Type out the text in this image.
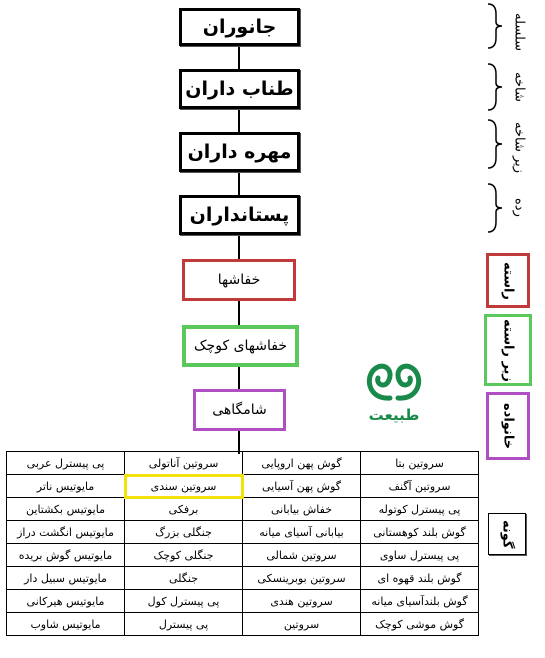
جانوران
طناب داران
مهره داران
پستانداران
خفاشها
خفاشهای کوچک
شامگاهی	طبیعت
سلسله
شاخه
زیر شاخه
رده
راسته
زیر راسته
خانواده
گونه
سروتین بتا	گوش پهن اروپایی	سروتین آناتولی	پی پیسترل عربی
سروتین آگنف	گوش پهن آسیایی	سروتین سندی	مایوتیس ناتر
پی پیسترل کوتوله	خفاش بیابانی	برفکی	مایوتیس بکشتاین
گوش بلند کوهستانی	بیابانی آسیای میانه	جنگلی بزرگ	مایوتیس انگشت دراز
پی پیسترل ساوی	سروتین شمالی	جنگلی کوچک	مایوتیس گوش بریده
گوش بلند قهوه ای	سروتین بوبرینسکی	جنگلی	مایوتیس سبیل دار
گوش بلندآسیای میانه	سروتین هندی	پی پیسترل کول	مایوتیس هیرکانی
گوش موشی کوچک	سروتین	پی پیسترل	مایوتیس شاوب
